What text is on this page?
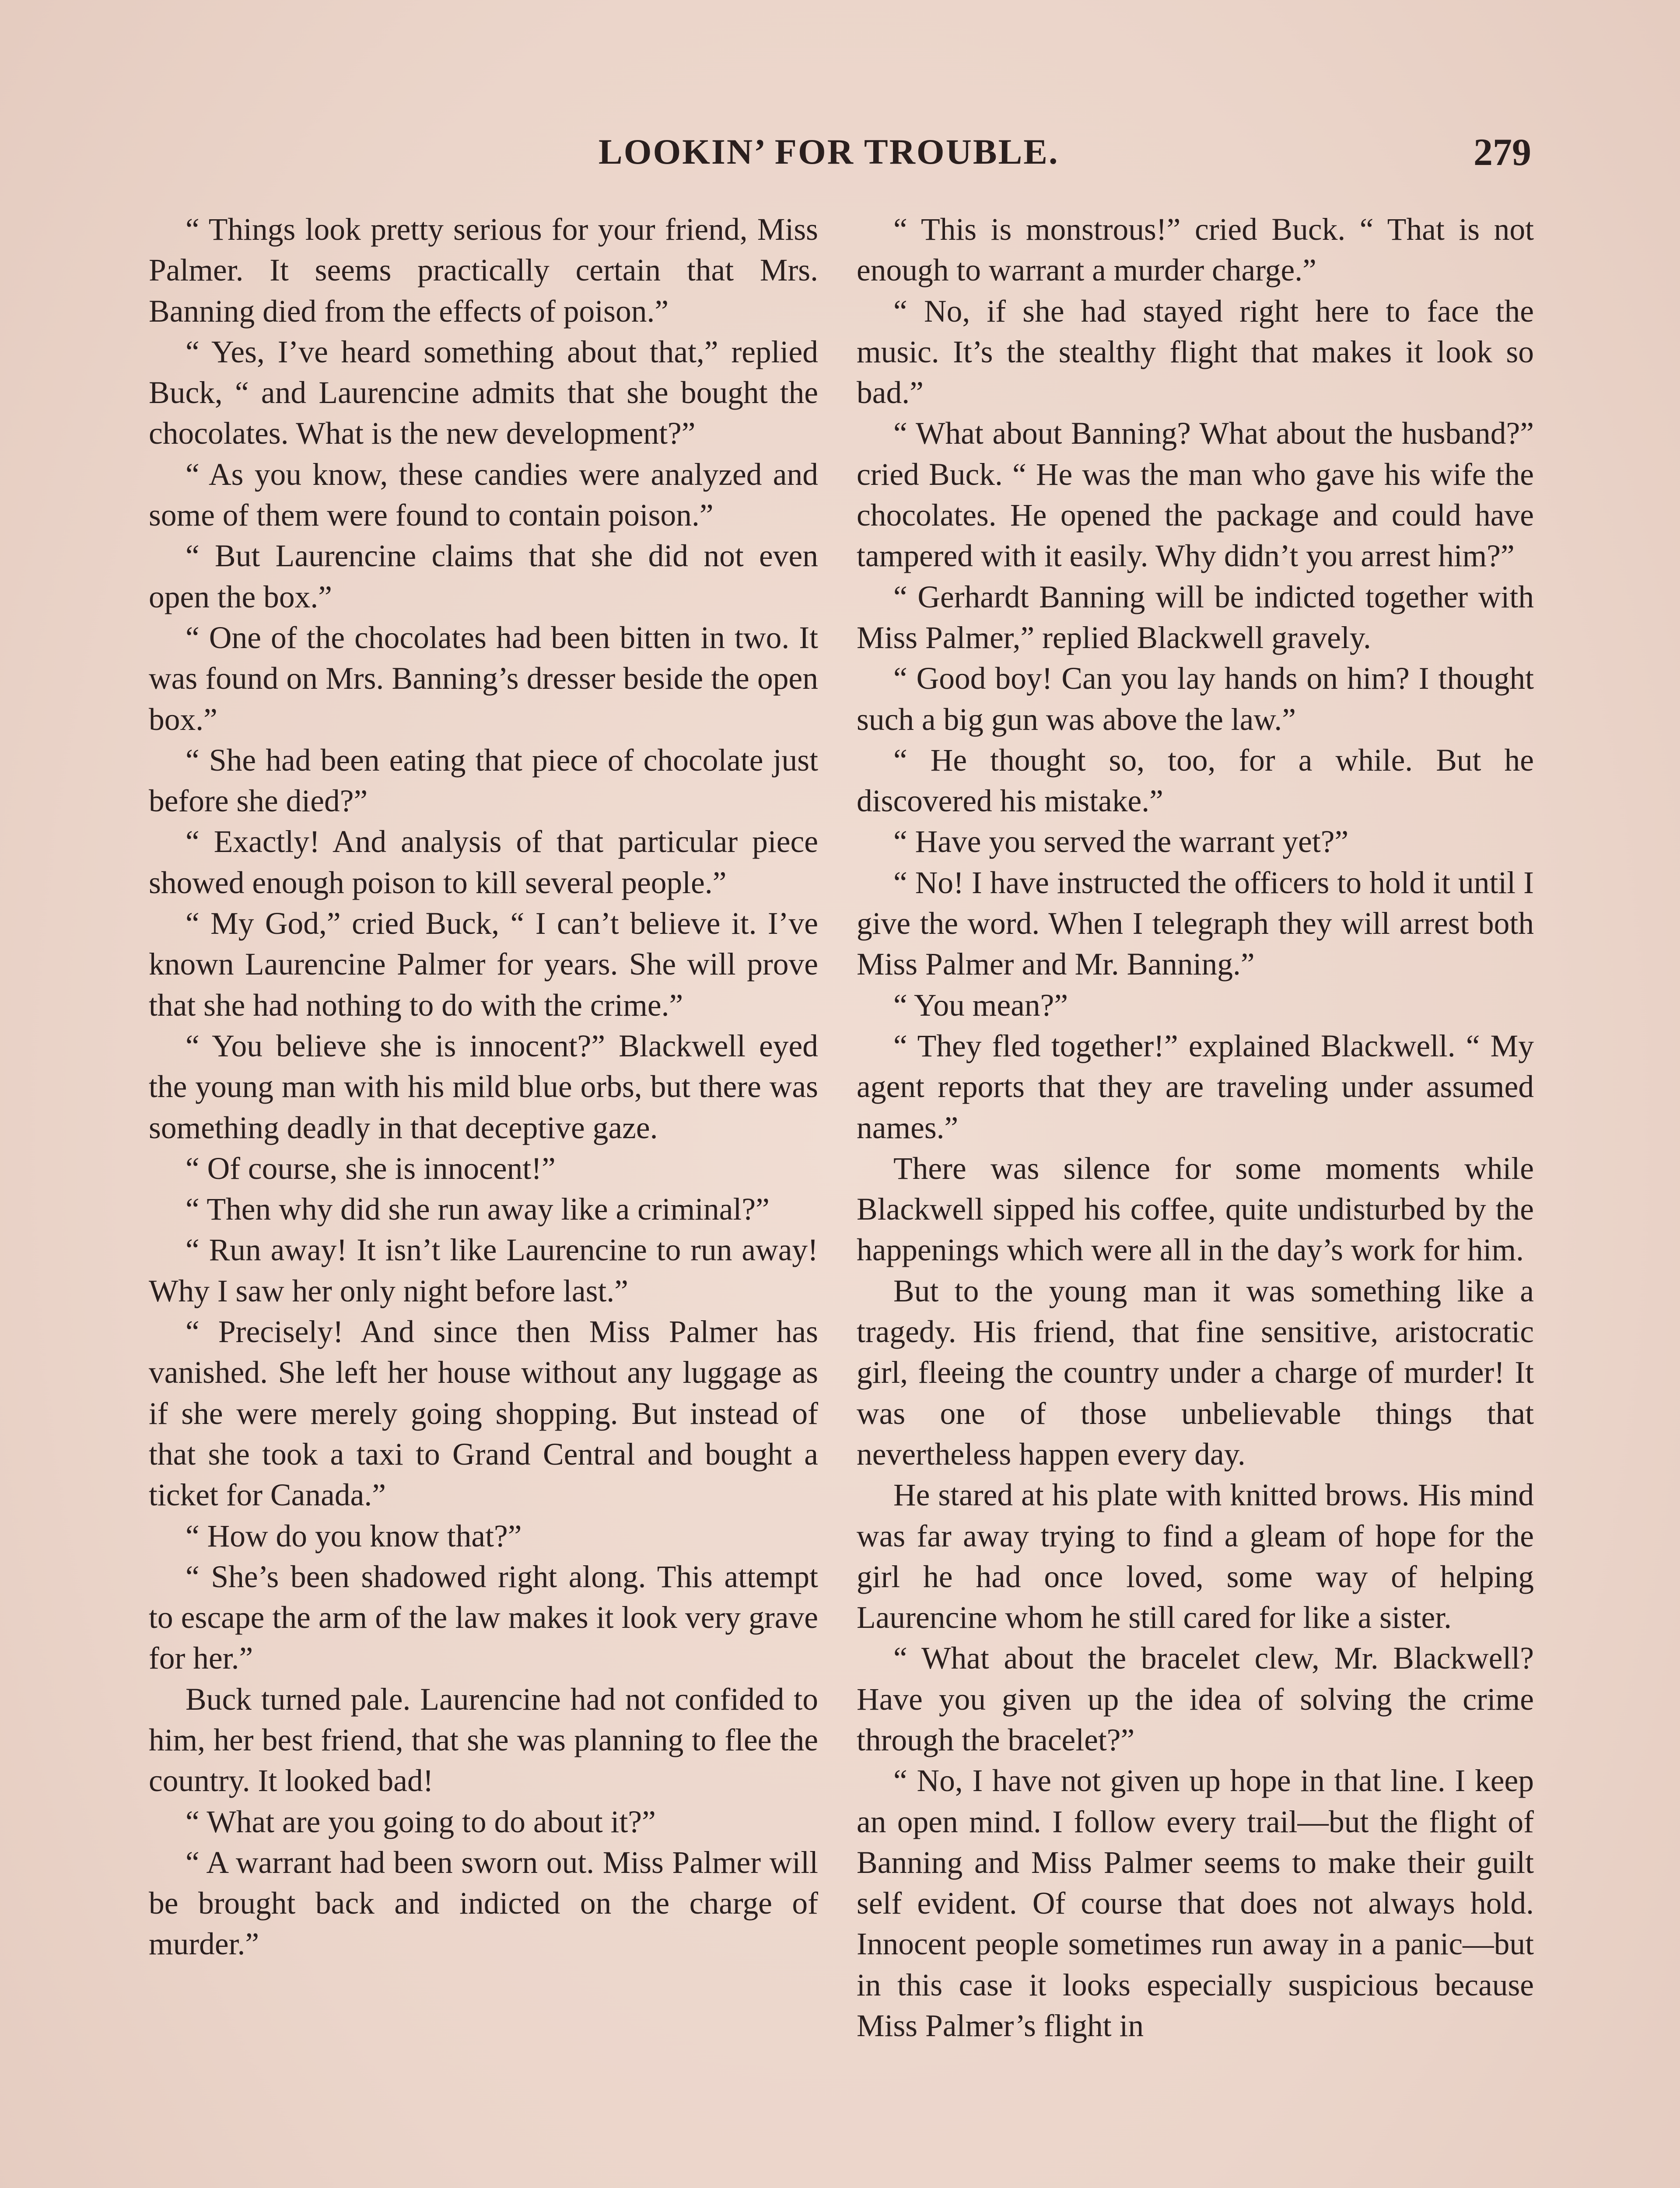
LOOKIN’ FOR TROUBLE.	279

“ Things look pretty serious for your friend, Miss Palmer. It seems practically certain that Mrs. Banning died from the effects of poison.”

“ Yes, I’ve heard something about that,” replied Buck, “ and Laurencine admits that she bought the chocolates. What is the new development?”

“ As you know, these candies were analyzed and some of them were found to contain poison.”

“ But Laurencine claims that she did not even open the box.”

“ One of the chocolates had been bitten in two. It was found on Mrs. Banning’s dresser beside the open box.”

“ She had been eating that piece of chocolate just before she died?”

“ Exactly! And analysis of that particular piece showed enough poison to kill several people.”

“ My God,” cried Buck, “ I can’t believe it. I’ve known Laurencine Palmer for years. She will prove that she had nothing to do with the crime.”

“ You believe she is innocent?” Blackwell eyed the young man with his mild blue orbs, but there was something deadly in that deceptive gaze.

“ Of course, she is innocent!”

“ Then why did she run away like a criminal?”

“ Run away! It isn’t like Laurencine to run away! Why I saw her only night before last.”

“ Precisely! And since then Miss Palmer has vanished. She left her house without any luggage as if she were merely going shopping. But instead of that she took a taxi to Grand Central and bought a ticket for Canada.”

“ How do you know that?”

“ She’s been shadowed right along. This attempt to escape the arm of the law makes it look very grave for her.”

Buck turned pale. Laurencine had not confided to him, her best friend, that she was planning to flee the country. It looked bad!

“ What are you going to do about it?”

“ A warrant had been sworn out. Miss Palmer will be brought back and indicted on the charge of murder.”

“ This is monstrous!” cried Buck. “ That is not enough to warrant a murder charge.”

“ No, if she had stayed right here to face the music. It’s the stealthy flight that makes it look so bad.”

“ What about Banning? What about the husband?” cried Buck. “ He was the man who gave his wife the chocolates. He opened the package and could have tampered with it easily. Why didn’t you arrest him?”

“ Gerhardt Banning will be indicted together with Miss Palmer,” replied Blackwell gravely.

“ Good boy! Can you lay hands on him? I thought such a big gun was above the law.”

“ He thought so, too, for a while. But he discovered his mistake.”

“ Have you served the warrant yet?”

“ No! I have instructed the officers to hold it until I give the word. When I telegraph they will arrest both Miss Palmer and Mr. Banning.”

“ You mean?”

“ They fled together!” explained Blackwell. “ My agent reports that they are traveling under assumed names.”

There was silence for some moments while Blackwell sipped his coffee, quite undisturbed by the happenings which were all in the day’s work for him.

But to the young man it was something like a tragedy. His friend, that fine sensitive, aristocratic girl, fleeing the country under a charge of murder! It was one of those unbelievable things that nevertheless happen every day.

He stared at his plate with knitted brows. His mind was far away trying to find a gleam of hope for the girl he had once loved, some way of helping Laurencine whom he still cared for like a sister.

“ What about the bracelet clew, Mr. Blackwell? Have you given up the idea of solving the crime through the bracelet?”

“ No, I have not given up hope in that line. I keep an open mind. I follow every trail—but the flight of Banning and Miss Palmer seems to make their guilt self evident. Of course that does not always hold. Innocent people sometimes run away in a panic—but in this case it looks especially suspicious because Miss Palmer’s flight in
